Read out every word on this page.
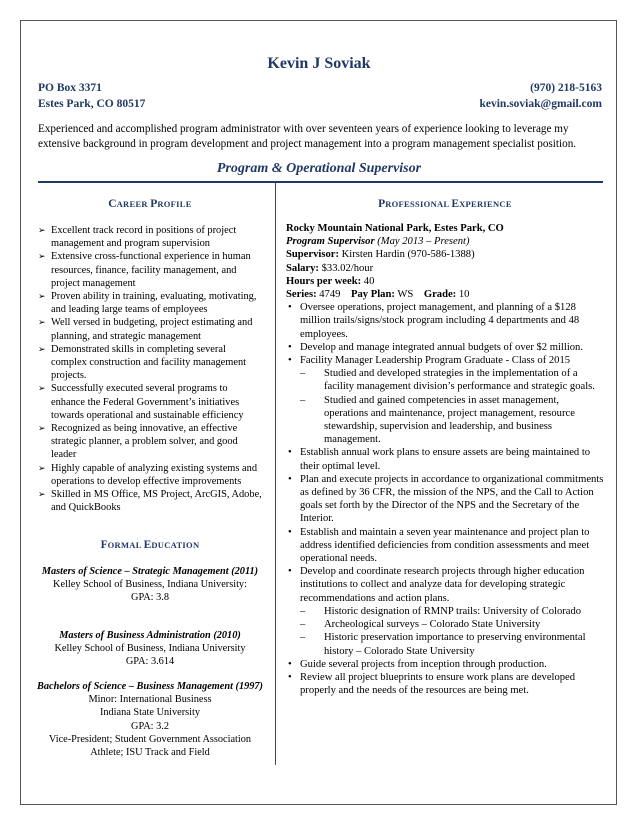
Kevin J Soviak
PO Box 3371
Estes Park, CO 80517
(970) 218-5163
kevin.soviak@gmail.com
Experienced and accomplished program administrator with over seventeen years of experience looking to leverage my extensive background in program development and project management into a program management specialist position.
Program & Operational Supervisor
CAREER PROFILE
➢ Excellent track record in positions of project management and program supervision
➢ Extensive cross-functional experience in human resources, finance, facility management, and project management
➢ Proven ability in training, evaluating, motivating, and leading large teams of employees
➢ Well versed in budgeting, project estimating and planning, and strategic management
➢ Demonstrated skills in completing several complex construction and facility management projects.
➢ Successfully executed several programs to enhance the Federal Government’s initiatives towards operational and sustainable efficiency
➢ Recognized as being innovative, an effective strategic planner, a problem solver, and good leader
➢ Highly capable of analyzing existing systems and operations to develop effective improvements
➢ Skilled in MS Office, MS Project, ArcGIS, Adobe, and QuickBooks
FORMAL EDUCATION
Masters of Science – Strategic Management (2011)
Kelley School of Business, Indiana University:
GPA: 3.8
Masters of Business Administration (2010)
Kelley School of Business, Indiana University
GPA: 3.614
Bachelors of Science – Business Management (1997)
Minor: International Business
Indiana State University
GPA: 3.2
Vice-President; Student Government Association
Athlete; ISU Track and Field
PROFESSIONAL EXPERIENCE
Rocky Mountain National Park, Estes Park, CO
Program Supervisor (May 2013 – Present)
Supervisor: Kirsten Hardin (970-586-1388)
Salary: $33.02/hour
Hours per week: 40
Series: 4749 Pay Plan: WS Grade: 10
• Oversee operations, project management, and planning of a $128 million trails/signs/stock program including 4 departments and 48 employees.
• Develop and manage integrated annual budgets of over $2 million.
• Facility Manager Leadership Program Graduate - Class of 2015
– Studied and developed strategies in the implementation of a facility management division’s performance and strategic goals.
– Studied and gained competencies in asset management, operations and maintenance, project management, resource stewardship, supervision and leadership, and business management.
• Establish annual work plans to ensure assets are being maintained to their optimal level.
• Plan and execute projects in accordance to organizational commitments as defined by 36 CFR, the mission of the NPS, and the Call to Action goals set forth by the Director of the NPS and the Secretary of the Interior.
• Establish and maintain a seven year maintenance and project plan to address identified deficiencies from condition assessments and meet operational needs.
• Develop and coordinate research projects through higher education institutions to collect and analyze data for developing strategic recommendations and action plans.
– Historic designation of RMNP trails: University of Colorado
– Archeological surveys – Colorado State University
– Historic preservation importance to preserving environmental history – Colorado State University
• Guide several projects from inception through production.
• Review all project blueprints to ensure work plans are developed properly and the needs of the resources are being met.
